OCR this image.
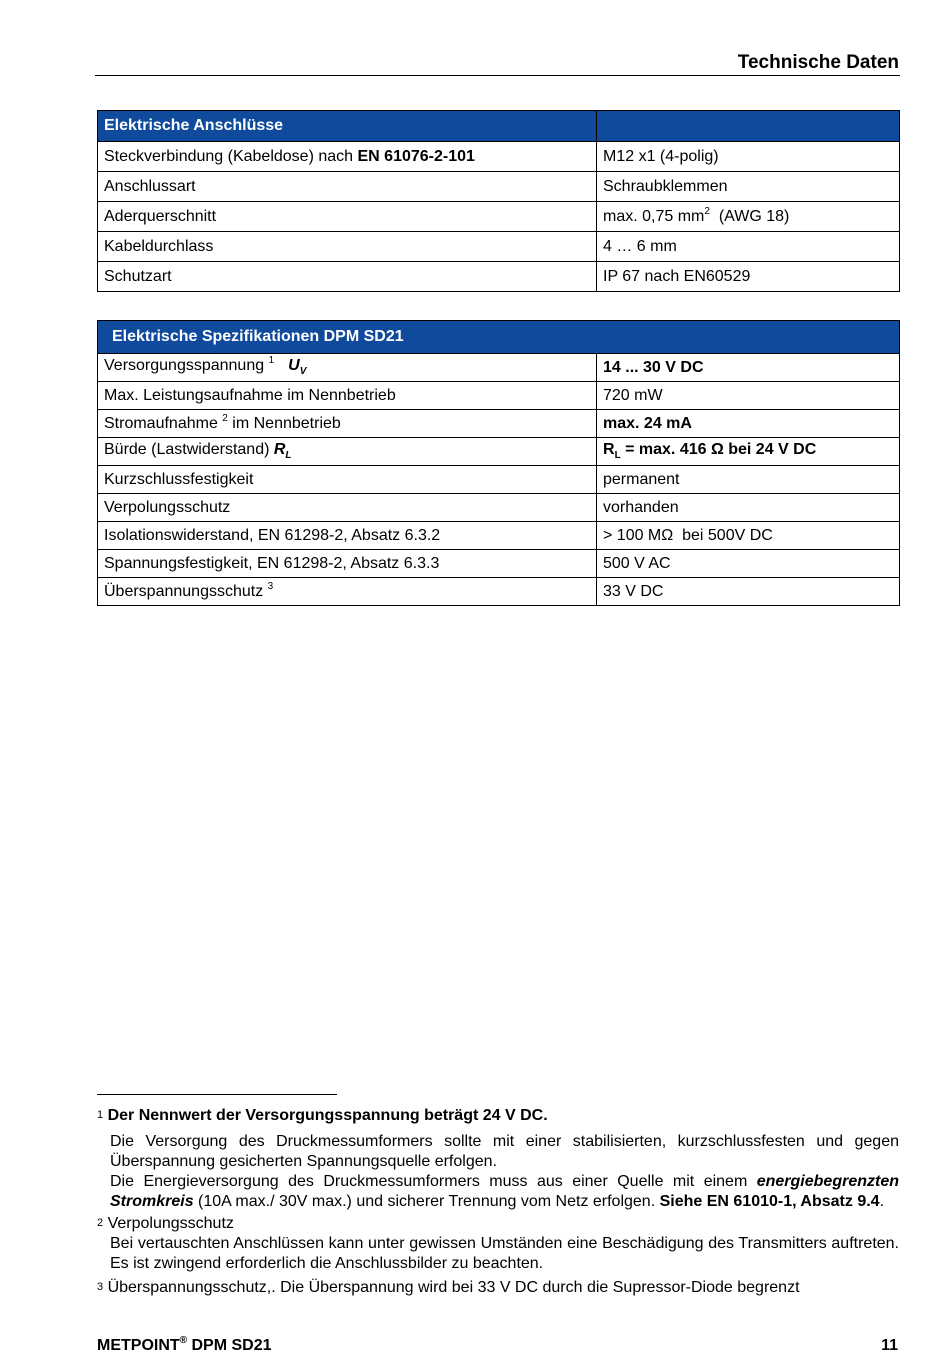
Technische Daten
Elektrische Anschlüsse	
Steckverbindung (Kabeldose) nach EN 61076-2-101	M12 x1 (4-polig)
Anschlussart	Schraubklemmen
Aderquerschnitt	max. 0,75 $mm^2$  (AWG 18)
Kabeldurchlass	4 … 6 mm
Schutzart	IP 67 nach EN60529
Elektrische Spezifikationen DPM SD21	
Versorgungsspannung $^1$ $U_V$	14 ... 30 V DC
Max. Leistungsaufnahme im Nennbetrieb	720 mW
Stromaufnahme $^2$ im Nennbetrieb	max. 24 mA
Bürde (Lastwiderstand) $R_L$	$R_L = \max$. 416 Ω bei 24 V DC
Kurzschlussfestigkeit	permanent
Verpolungsschutz	vorhanden
Isolationswiderstand, EN 61298-2, Absatz 6.3.2	> 100 MΩ  bei 500V DC
Spannungsfestigkeit, EN 61298-2, Absatz 6.3.3	500 V AC
Überspannungsschutz $^3$	33 V DC
$^1$ Der Nennwert der Versorgungsspannung beträgt 24 V DC.
Die Versorgung des Druckmessumformers sollte mit einer stabilisierten, kurzschlussfesten und gegen Überspannung gesicherten Spannungsquelle erfolgen.
Die Energieversorgung des Druckmessumformers muss aus einer Quelle mit einem energiebegrenzten Stromkreis (10A max./ 30V max.) und sicherer Trennung vom Netz erfolgen. Siehe EN 61010-1, Absatz 9.4.
$^2$ Verpolungsschutz
Bei vertauschten Anschlüssen kann unter gewissen Umständen eine Beschädigung des Transmitters auftreten. Es ist zwingend erforderlich die Anschlussbilder zu beachten.
$^3$ Überspannungsschutz,. Die Überspannung wird bei 33 V DC durch die Supressor-Diode begrenzt
METPOINT® DPM SD21	11
